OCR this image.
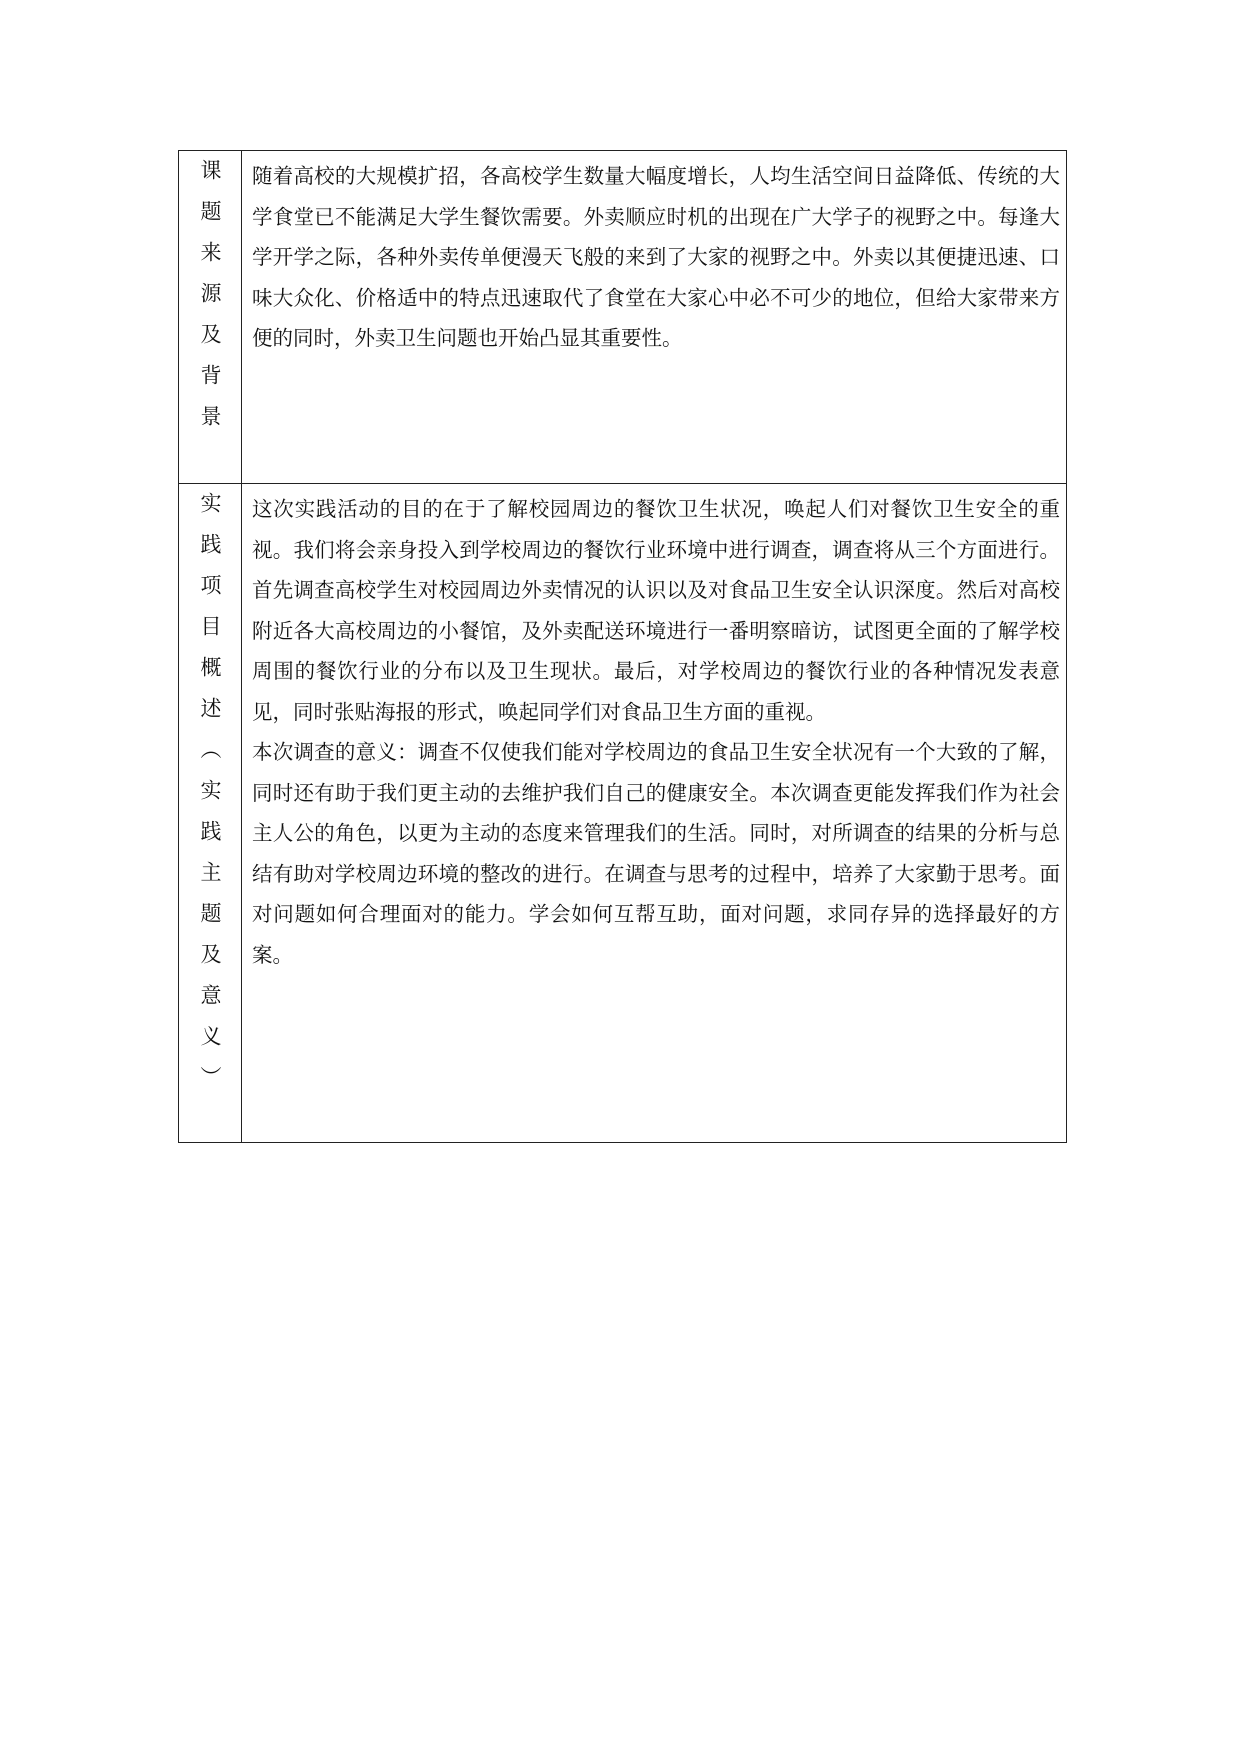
课题来源及背景	随着高校的大规模扩招，各高校学生数量大幅度增长，人均生活空间日益降低、传统的大学食堂已不能满足大学生餐饮需要。外卖顺应时机的出现在广大学子的视野之中。每逢大学开学之际，各种外卖传单便漫天飞般的来到了大家的视野之中。外卖以其便捷迅速、口味大众化、价格适中的特点迅速取代了食堂在大家心中必不可少的地位，但给大家带来方便的同时，外卖卫生问题也开始凸显其重要性。

实践项目概述（实践主题及意义）	这次实践活动的目的在于了解校园周边的餐饮卫生状况，唤起人们对餐饮卫生安全的重视。我们将会亲身投入到学校周边的餐饮行业环境中进行调查，调查将从三个方面进行。首先调查高校学生对校园周边外卖情况的认识以及对食品卫生安全认识深度。然后对高校附近各大高校周边的小餐馆，及外卖配送环境进行一番明察暗访，试图更全面的了解学校周围的餐饮行业的分布以及卫生现状。最后，对学校周边的餐饮行业的各种情况发表意见，同时张贴海报的形式，唤起同学们对食品卫生方面的重视。

本次调查的意义：调查不仅使我们能对学校周边的食品卫生安全状况有一个大致的了解，同时还有助于我们更主动的去维护我们自己的健康安全。本次调查更能发挥我们作为社会主人公的角色，以更为主动的态度来管理我们的生活。同时，对所调查的结果的分析与总结有助对学校周边环境的整改的进行。在调查与思考的过程中，培养了大家勤于思考。面对问题如何合理面对的能力。学会如何互帮互助，面对问题，求同存异的选择最好的方案。
